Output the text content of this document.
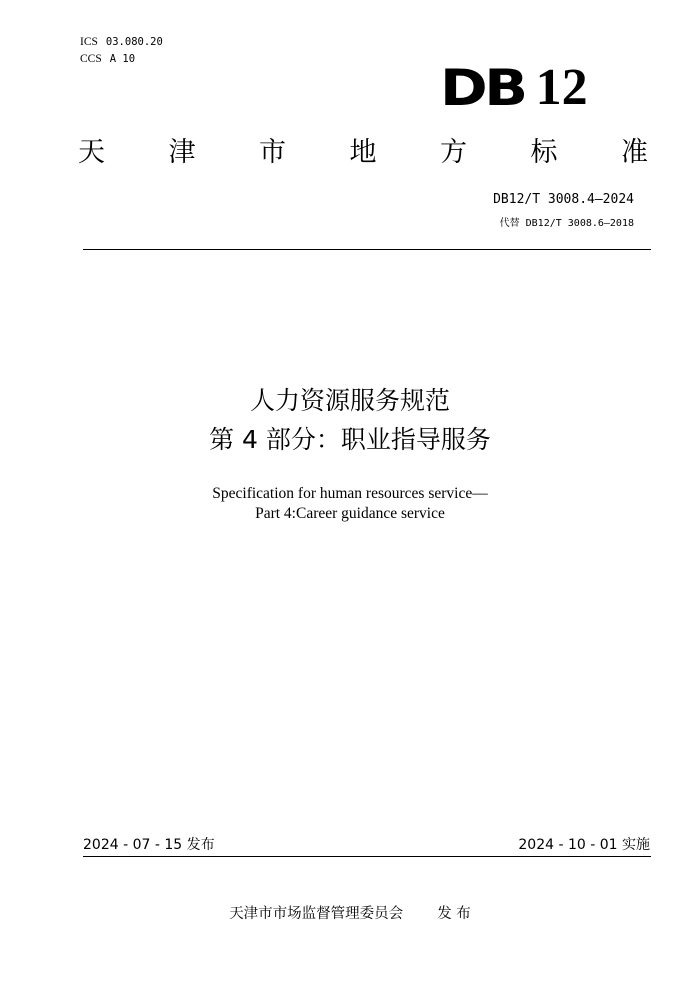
ICS 03.080.20
CCS A 10	DB 12
天 津 市 地 方 标 准
DB12/T 3008.4—2024
代替 DB12/T 3008.6—2018
人力资源服务规范
第 4 部分：职业指导服务
Specification for human resources service—
Part 4:Career guidance service
2024 - 07 - 15 发布	2024 - 10 - 01 实施
天津市市场监督管理委员会 发 布
